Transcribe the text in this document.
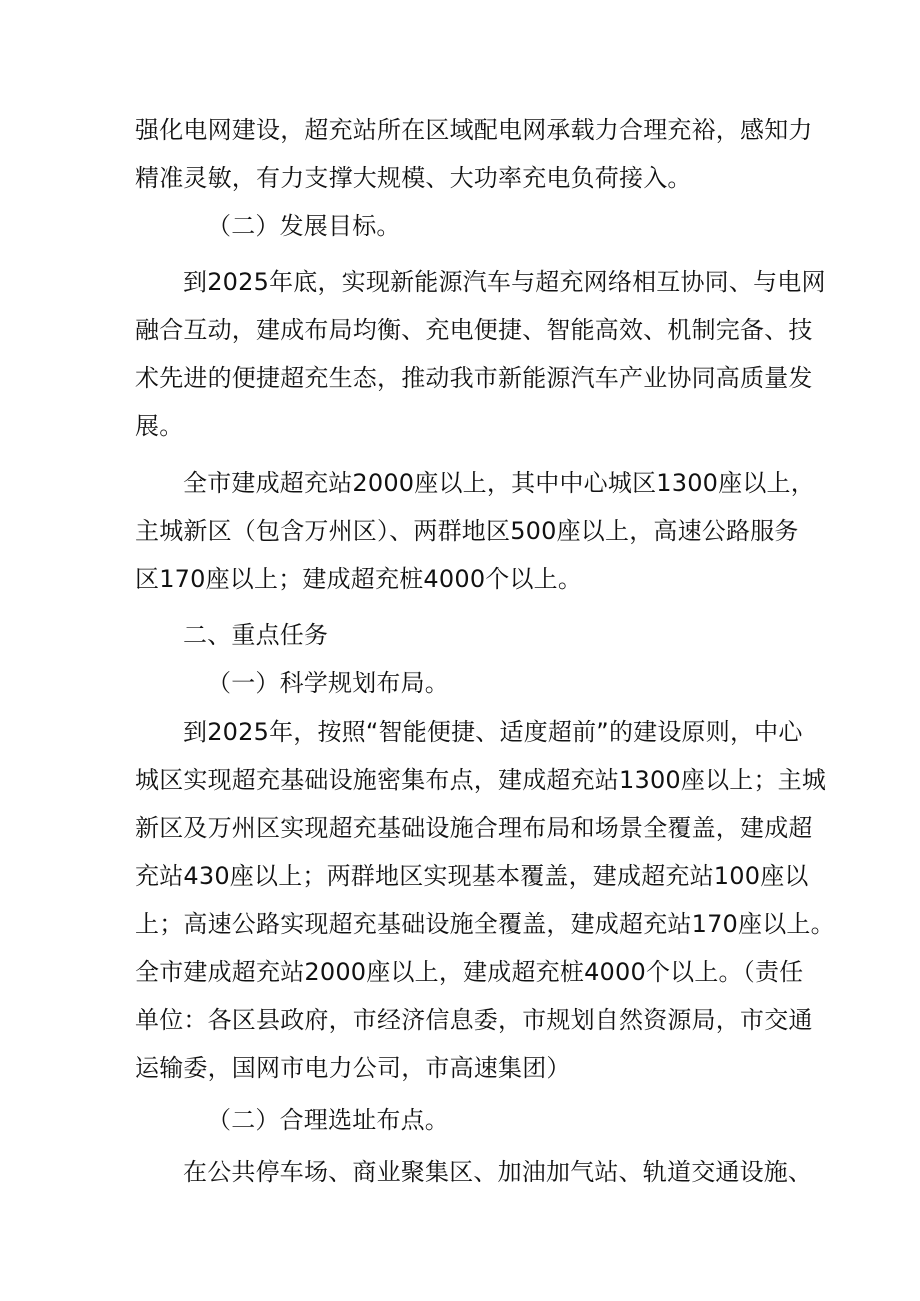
强化电网建设，超充站所在区域配电网承载力合理充裕，感知力
精准灵敏，有力支撑大规模、大功率充电负荷接入。
（二）发展目标。
到2025年底，实现新能源汽车与超充网络相互协同、与电网
融合互动，建成布局均衡、充电便捷、智能高效、机制完备、技
术先进的便捷超充生态，推动我市新能源汽车产业协同高质量发
展。
全市建成超充站2000座以上，其中中心城区1300座以上，
主城新区（包含万州区）、两群地区500座以上，高速公路服务
区170座以上；建成超充桩4000个以上。
二、重点任务
（一）科学规划布局。
到2025年，按照“智能便捷、适度超前”的建设原则，中心
城区实现超充基础设施密集布点，建成超充站1300座以上；主城
新区及万州区实现超充基础设施合理布局和场景全覆盖，建成超
充站430座以上；两群地区实现基本覆盖，建成超充站100座以
上；高速公路实现超充基础设施全覆盖，建成超充站170座以上。
全市建成超充站2000座以上，建成超充桩4000个以上。（责任
单位：各区县政府，市经济信息委，市规划自然资源局，市交通
运输委，国网市电力公司，市高速集团）
（二）合理选址布点。
在公共停车场、商业聚集区、加油加气站、轨道交通设施、
